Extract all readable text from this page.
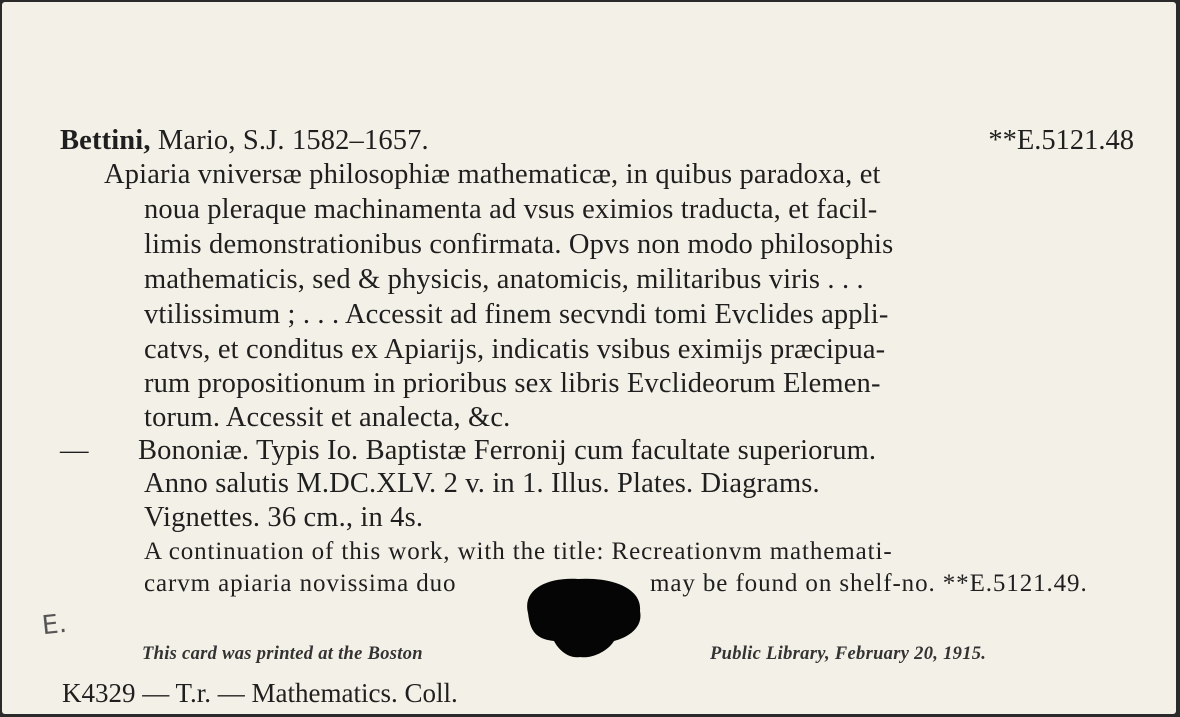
Bettini, Mario, S.J. 1582–1657.	**E.5121.48
Apiaria vniversæ philosophiæ mathematicæ, in quibus paradoxa, et
noua pleraque machinamenta ad vsus eximios traducta, et facil-
limis demonstrationibus confirmata. Opvs non modo philosophis
mathematicis, sed & physicis, anatomicis, militaribus viris . . .
vtilissimum ; . . . Accessit ad finem secvndi tomi Evclides appli-
catvs, et conditus ex Apiarijs, indicatis vsibus eximijs præcipua-
rum propositionum in prioribus sex libris Evclideorum Elemen-
torum. Accessit et analecta, &c.
— Bononiæ. Typis Io. Baptistæ Ferronij cum facultate superiorum.
Anno salutis M.DC.XLV. 2 v. in 1. Illus. Plates. Diagrams.
Vignettes. 36 cm., in 4s.
A continuation of this work, with the title: Recreationvm mathemati-
carvm apiaria novissima duo	may be found on shelf-no. **E.5121.49.
E.
This card was printed at the Boston	Public Library, February 20, 1915.
K4329 — T.r. — Mathematics. Coll.
